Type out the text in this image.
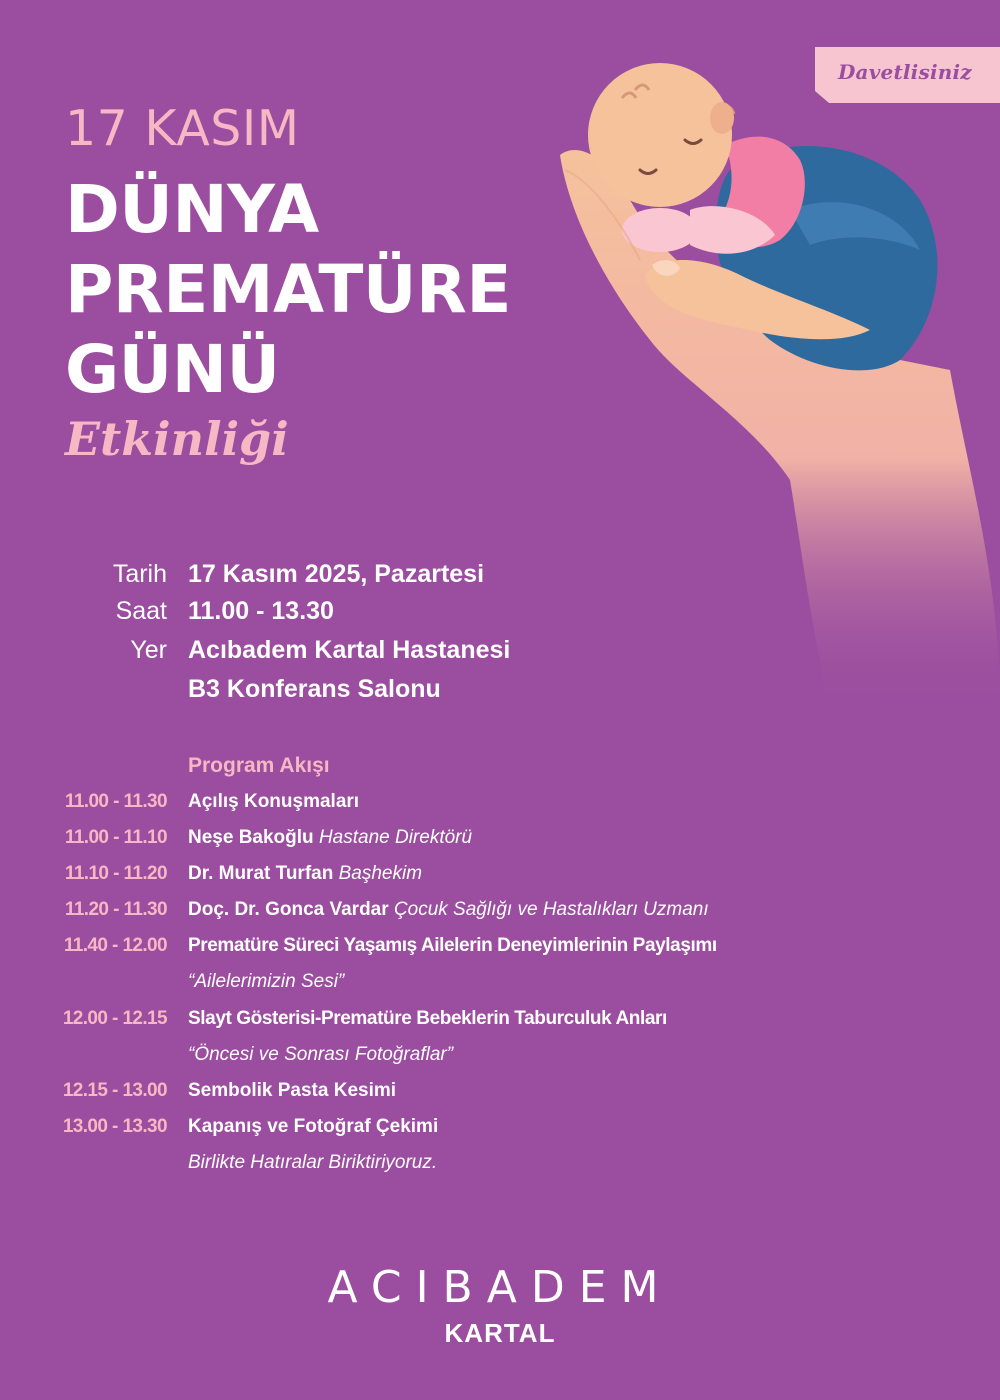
Davetlisiniz
17 KASIM
DÜNYA
PREMATÜRE
GÜNÜ
Etkinliği
Tarih 17 Kasım 2025, Pazartesi
Saat 11.00 - 13.30
Yer Acıbadem Kartal Hastanesi
B3 Konferans Salonu
Program Akışı
11.00 - 11.30 Açılış Konuşmaları
11.00 - 11.10 Neşe Bakoğlu Hastane Direktörü
11.10 - 11.20 Dr. Murat Turfan Başhekim
11.20 - 11.30 Doç. Dr. Gonca Vardar Çocuk Sağlığı ve Hastalıkları Uzmanı
11.40 - 12.00 Prematüre Süreci Yaşamış Ailelerin Deneyimlerinin Paylaşımı
“Ailelerimizin Sesi”
12.00 - 12.15 Slayt Gösterisi-Prematüre Bebeklerin Taburculuk Anları
“Öncesi ve Sonrası Fotoğraflar”
12.15 - 13.00 Sembolik Pasta Kesimi
13.00 - 13.30 Kapanış ve Fotoğraf Çekimi
Birlikte Hatıralar Biriktiriyoruz.
ACIBADEM
KARTAL
